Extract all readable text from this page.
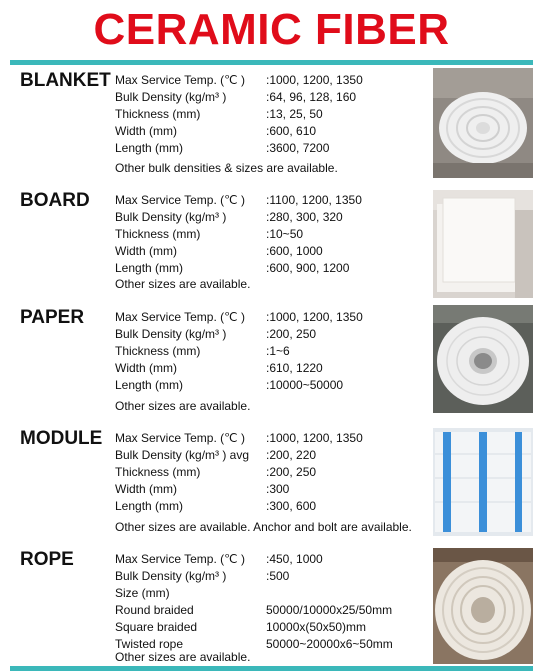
CERAMIC FIBER
BLANKET Max Service Temp. (℃ ) :1000, 1200, 1350
Bulk Density (kg/m³ )	:64, 96, 128, 160
Thickness (mm)	:13, 25, 50
Width (mm)	:600, 610
Length (mm)	:3600, 7200
Other bulk densities & sizes are available.
BOARD Max Service Temp. (℃ ) :1100, 1200, 1350
Bulk Density (kg/m³ )	:280, 300, 320
Thickness (mm)	:10~50
Width (mm)	:600, 1000
Length (mm)	:600, 900, 1200
Other sizes are available.
PAPER	Max Service Temp. (℃ ) :1000, 1200, 1350
Bulk Density (kg/m³ )	:200, 250
Thickness (mm)	:1~6
Width (mm)	:610, 1220
Length (mm)	:10000~50000
Other sizes are available.
MODULE Max Service Temp. (℃ ) :1000, 1200, 1350
Bulk Density (kg/m³ ) avg :200, 220
Thickness (mm)	:200, 250
Width (mm)	:300
Length (mm)	:300, 600
Other sizes are available. Anchor and bolt are available.
ROPE	Max Service Temp. (℃ ) :450, 1000
Bulk Density (kg/m³ )	:500
Size (mm)
Round braided	50000/10000x25/50mm
Square braided	10000x(50x50)mm
Twisted rope	50000~20000x6~50mm
Other sizes are available.
